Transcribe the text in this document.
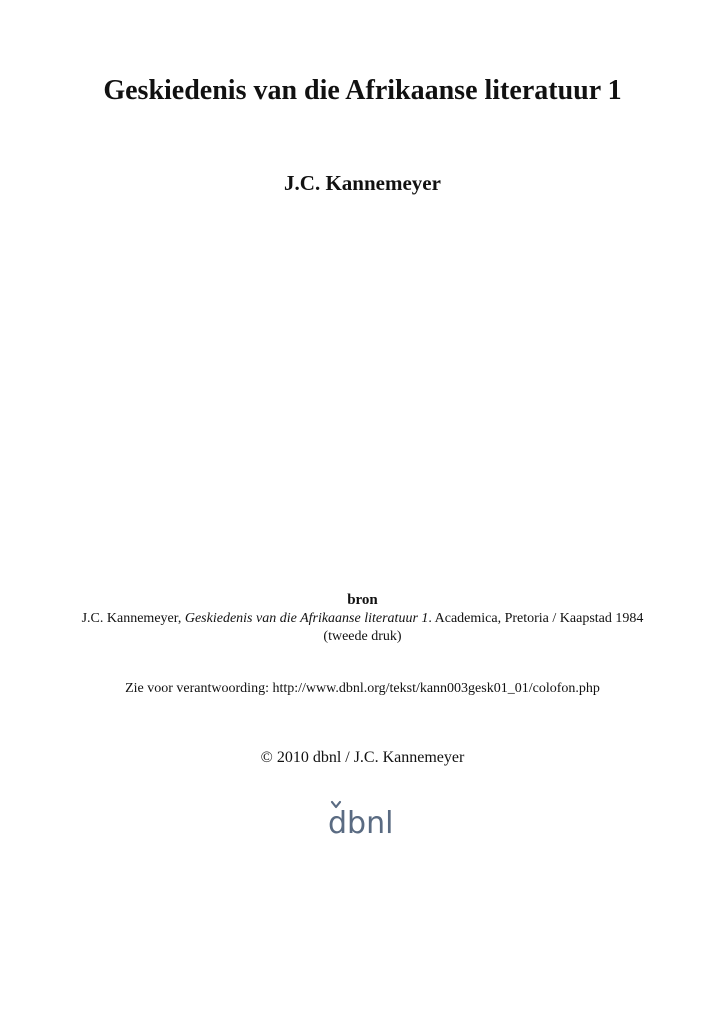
Geskiedenis van die Afrikaanse literatuur 1
J.C. Kannemeyer
bron

J.C. Kannemeyer, Geskiedenis van die Afrikaanse literatuur 1. Academica, Pretoria / Kaapstad 1984 (tweede druk)

Zie voor verantwoording: http://www.dbnl.org/tekst/kann003gesk01_01/colofon.php
© 2010 dbnl / J.C. Kannemeyer
dbnl
